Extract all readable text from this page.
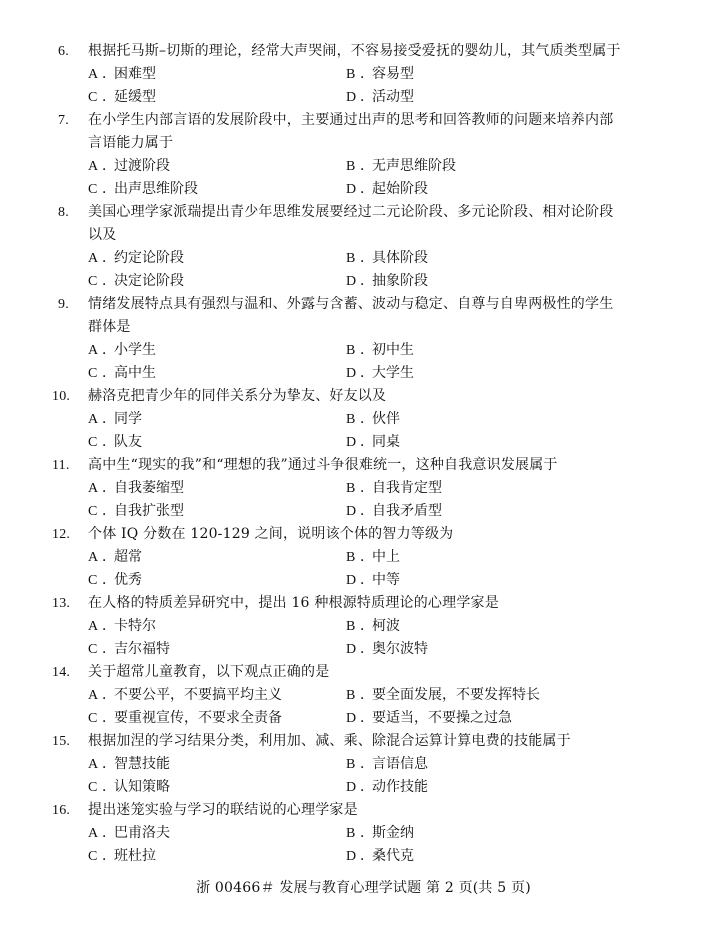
6.	根据托马斯–切斯的理论，经常大声哭闹，不容易接受爱抚的婴幼儿，其气质类型属于
A ．困难型	B ．容易型
C ．延缓型	D ．活动型
7.	在小学生内部言语的发展阶段中，主要通过出声的思考和回答教师的问题来培养内部言语能力属于
A ．过渡阶段	B ．无声思维阶段
C ．出声思维阶段	D ．起始阶段
8.	美国心理学家派瑞提出青少年思维发展要经过二元论阶段、多元论阶段、相对论阶段以及
A ．约定论阶段	B ．具体阶段
C ．决定论阶段	D ．抽象阶段
9.	情绪发展特点具有强烈与温和、外露与含蓄、波动与稳定、自尊与自卑两极性的学生群体是
A ．小学生	B ．初中生
C ．高中生	D ．大学生
10.	赫洛克把青少年的同伴关系分为挚友、好友以及
A ．同学	B ．伙伴
C ．队友	D ．同桌
11.	高中生“现实的我”和“理想的我”通过斗争很难统一，这种自我意识发展属于
A ．自我萎缩型	B ．自我肯定型
C ．自我扩张型	D ．自我矛盾型
12.	个体 IQ 分数在 120-129 之间，说明该个体的智力等级为
A ．超常	B ．中上
C ．优秀	D ．中等
13.	在人格的特质差异研究中，提出 16 种根源特质理论的心理学家是
A ．卡特尔	B ．柯波
C ．吉尔福特	D ．奥尔波特
14.	关于超常儿童教育，以下观点正确的是
A ．不要公平，不要搞平均主义	B ．要全面发展，不要发挥特长
C ．要重视宣传，不要求全责备	D ．要适当，不要操之过急
15.	根据加涅的学习结果分类，利用加、减、乘、除混合运算计算电费的技能属于
A ．智慧技能	B ．言语信息
C ．认知策略	D ．动作技能
16.	提出迷笼实验与学习的联结说的心理学家是
A ．巴甫洛夫	B ．斯金纳
C ．班杜拉	D ．桑代克
浙 00466＃ 发展与教育心理学试题 第 2 页(共 5 页)
